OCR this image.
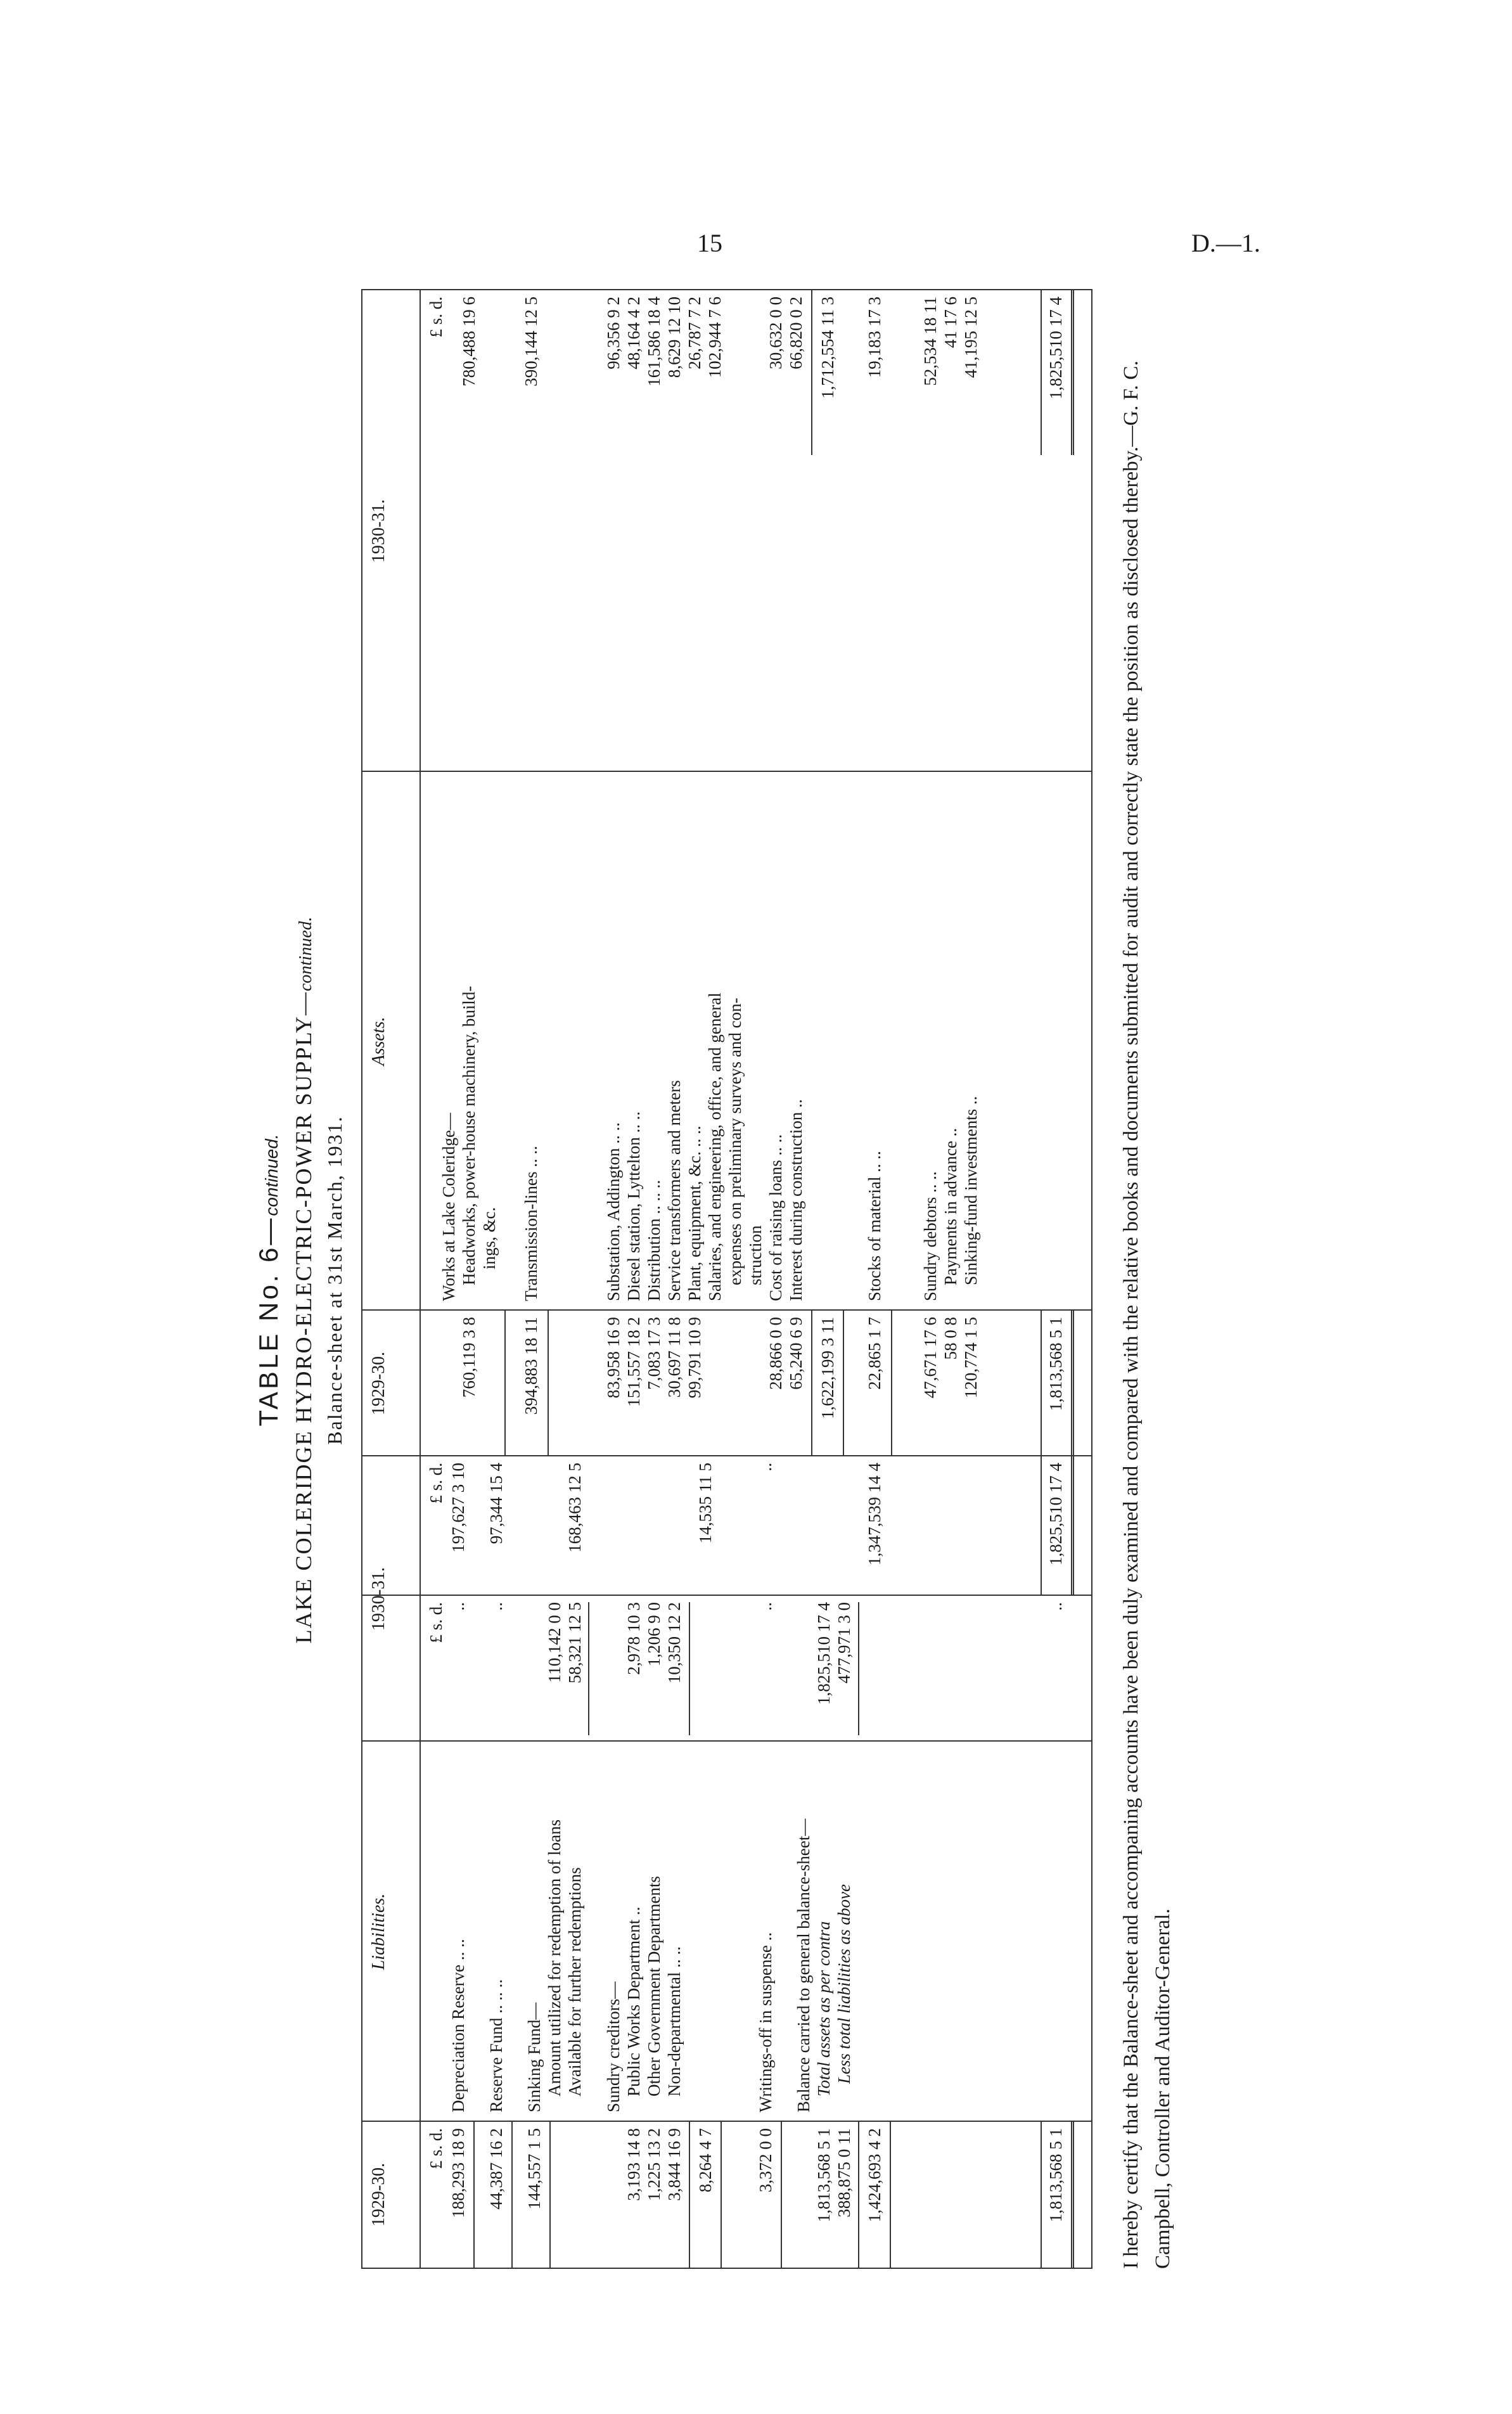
15	D.—1.
TABLE No. 6—continued. LAKE COLERIDGE HYDRO-ELECTRIC-POWER SUPPLY—continued.
Balance-sheet at 31st March, 1931.
1929-30.
Liabilities.
1930-31.
1929-30.
Assets.
1930-31.
£ s. d.
£ s. d.
£ s. d.
£ s. d.
188,293 18 9
Depreciation Reserve .. ..
..
197,627 3 10
44,387 16 2
Reserve Fund .. .. ..
..
97,344 15 4
144,557 1 5
Sinking Fund— Amount utilized for redemption of loans
110,142 0 0
Available for further redemptions
58,321 12 5
168,463 12 5
Sundry creditors—
3,193 14 8
Public Works Department ..
2,978 10 3
1,225 13 2
Other Government Departments
1,206 9 0
3,844 16 9
Non-departmental .. ..
10,350 12 2
8,264 4 7
14,535 11 5
3,372 0 0
Writings-off in suspense ..
..
..
Balance carried to general balance-sheet—
1,813,568 5 1
Total assets as per contra
1,825,510 17 4
388,875 0 11
Less total liabilities as above
477,971 3 0
1,424,693 4 2
1,347,539 14 4
1,813,568 5 1
..
1,825,510 17 4
Works at Lake Coleridge—
760,119 3 8
Headworks, power-house machinery, build-
780,488 19 6
ings, &c.
394,883 18 11
Transmission-lines .. ..
390,144 12 5
83,958 16 9
Substation, Addington .. ..
96,356 9 2
151,557 18 2
Diesel station, Lyttelton .. ..
48,164 4 2
7,083 17 3
Distribution .. .. ..
161,586 18 4
30,697 11 8
Service transformers and meters
8,629 12 10
99,791 10 9
Plant, equipment, &c. .. ..
26,787 7 2
Salaries, and engineering, office, and general
102,944 7 6
expenses on preliminary surveys and con- struction
28,866 0 0
Cost of raising loans .. ..
30,632 0 0
65,240 6 9
Interest during construction ..
66,820 0 2
1,622,199 3 11
1,712,554 11 3
22,865 1 7
Stocks of material .. ..
19,183 17 3
47,671 17 6
Sundry debtors .. ..
52,534 18 11
58 0 8
Payments in advance ..
41 17 6
120,774 1 5
Sinking-fund investments ..
41,195 12 5
1,813,568 5 1
1,825,510 17 4
I hereby certify that the Balance-sheet and accompaning accounts have been duly examined and compared with the relative books and documents submitted for audit and correctly state the position as disclosed thereby.—G. F. C. Campbell, Controller and Auditor-General.
